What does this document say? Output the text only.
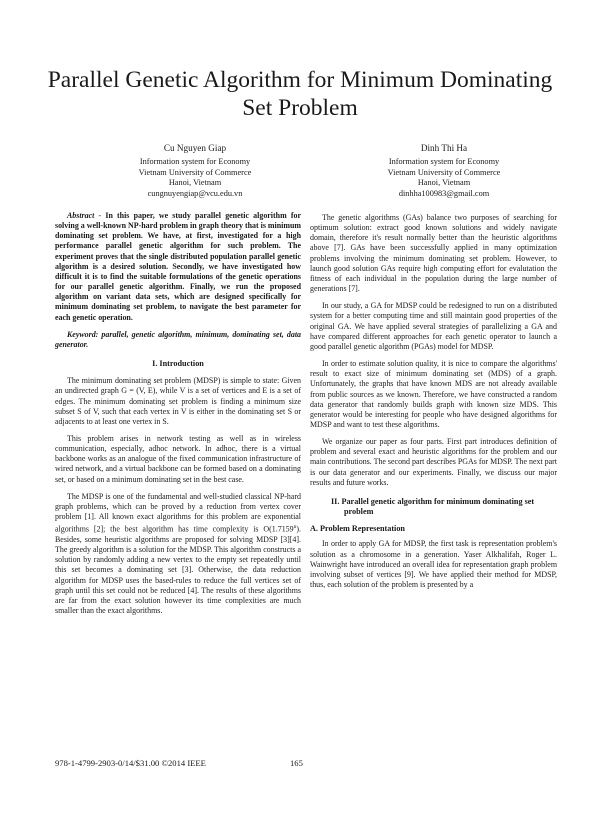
Parallel Genetic Algorithm for Minimum Dominating Set Problem
Cu Nguyen Giap
Information system for Economy
Vietnam University of Commerce
Hanoi, Vietnam
cungnuyengiap@vcu.edu.vn
Dinh Thi Ha
Information system for Economy
Vietnam University of Commerce
Hanoi, Vietnam
dinhha100983@gmail.com

Abstract - In this paper, we study parallel genetic algorithm for solving a well-known NP-hard problem in graph theory that is minimum dominating set problem. We have, at first, investigated for a high performance parallel genetic algorithm for such problem. The experiment proves that the single distributed population parallel genetic algorithm is a desired solution. Secondly, we have investigated how difficult it is to find the suitable formulations of the genetic operations for our parallel genetic algorithm. Finally, we run the proposed algorithm on variant data sets, which are designed specifically for minimum dominating set problem, to navigate the best parameter for each genetic operation.

Keyword: parallel, genetic algorithm, minimum, dominating set, data generator.

I. Introduction

The minimum dominating set problem (MDSP) is simple to state: Given an undirected graph G = (V, E), while V is a set of vertices and E is a set of edges. The minimum dominating set problem is finding a minimum size subset S of V, such that each vertex in V is either in the dominating set S or adjacents to at least one vertex in S.

This problem arises in network testing as well as in wireless communication, especially, adhoc network. In adhoc, there is a virtual backbone works as an analogue of the fixed communication infrastructure of wired network, and a virtual backbone can be formed based on a dominating set, or based on a minimum dominating set in the best case.

The MDSP is one of the fundamental and well-studied classical NP-hard graph problems, which can be proved by a reduction from vertex cover problem [1]. All known exact algorithms for this problem are exponential algorithms [2]; the best algorithm has time complexity is O(1.7159$^n$). Besides, some heuristic algorithms are proposed for solving MDSP [3][4]. The greedy algorithm is a solution for the MDSP. This algorithm constructs a solution by randomly adding a new vertex to the empty set repeatedly until this set becomes a dominating set [3]. Otherwise, the data reduction algorithm for MDSP uses the based-rules to reduce the full vertices set of graph until this set could not be reduced [4]. The results of these algorithms are far from the exact solution however its time complexities are much smaller than the exact algorithms.

The genetic algorithms (GAs) balance two purposes of searching for optimum solution: extract good known solutions and widely navigate domain, therefore it's result normally better than the heuristic algorithms above [7]. GAs have been successfully applied in many optimization problems involving the minimum dominating set problem. However, to launch good solution GAs require high computing effort for evalutation the fitness of each individual in the population during the large number of generations [7].

In our study, a GA for MDSP could be redesigned to run on a distributed system for a better computing time and still maintain good properties of the original GA. We have applied several strategies of parallelizing a GA and have compared different approaches for each genetic operator to launch a good parallel genetic algorithm (PGAs) model for MDSP.

In order to estimate solution quality, it is nice to compare the algorithms' result to exact size of minimum dominating set (MDS) of a graph. Unfortunately, the graphs that have known MDS are not already available from public sources as we known. Therefore, we have constructed a random data generator that randomly builds graph with known size MDS. This generator would be interesting for people who have designed algorithms for MDSP and want to test these algorithms.

We organize our paper as four parts. First part introduces definition of problem and several exact and heuristic algorithms for the problem and our main contributions. The second part describes PGAs for MDSP. The next part is our data generator and our experiments. Finally, we discuss our major results and future works.

II. Parallel genetic algorithm for minimum dominating set problem
A. Problem Representation

In order to apply GA for MDSP, the first task is representation problem's solution as a chromosome in a generation. Yaser Alkhalifah, Roger L. Wainwright have introduced an overall idea for representation graph problem involving subset of vertices [9]. We have applied their method for MDSP, thus, each solution of the problem is presented by a

978-1-4799-2903-0/14/$31.00 ©2014 IEEE	165
